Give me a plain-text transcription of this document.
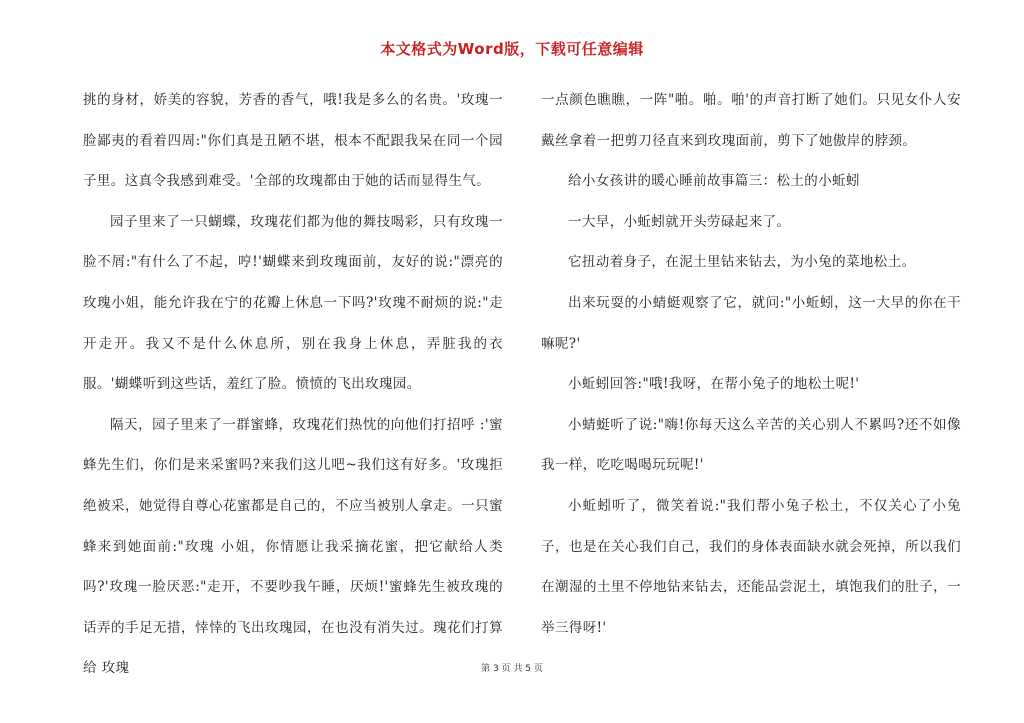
本文格式为Word版，下载可任意编辑

挑的身材，娇美的容貌，芳香的香气，哦!我是多么的名贵。'玫瑰一脸鄙夷的看着四周:"你们真是丑陋不堪，根本不配跟我呆在同一个园子里。这真令我感到难受。'全部的玫瑰都由于她的话而显得生气。

园子里来了一只蝴蝶，玫瑰花们都为他的舞技喝彩，只有玫瑰一脸不屑:"有什么了不起，哼!'蝴蝶来到玫瑰面前，友好的说:"漂亮的玫瑰小姐，能允许我在宁的花瓣上休息一下吗?'玫瑰不耐烦的说:"走开走开。我又不是什么休息所，别在我身上休息，弄脏我的衣服。'蝴蝶听到这些话，羞红了脸。愤愤的飞出玫瑰园。

隔天，园子里来了一群蜜蜂，玫瑰花们热忱的向他们打招呼 :'蜜蜂先生们，你们是来采蜜吗?来我们这儿吧~我们这有好多。'玫瑰拒绝被采，她觉得自尊心花蜜都是自己的，不应当被别人拿走。一只蜜蜂来到她面前:"玫瑰 小姐，你情愿让我采摘花蜜，把它献给人类吗?'玫瑰一脸厌恶:"走开，不要吵我午睡，厌烦!'蜜蜂先生被玫瑰的话弄的手足无措，悻悻的飞出玫瑰园，在也没有消失过。瑰花们打算给 玫瑰

一点颜色瞧瞧，一阵"啪。啪。啪'的声音打断了她们。只见女仆人安戴丝拿着一把剪刀径直来到玫瑰面前，剪下了她傲岸的脖颈。

给小女孩讲的暖心睡前故事篇三：松土的小蚯蚓

一大早，小蚯蚓就开头劳碌起来了。

它扭动着身子，在泥土里钻来钻去，为小兔的菜地松土。

出来玩耍的小蜻蜓观察了它，就问:"小蚯蚓，这一大早的你在干嘛呢?'

小蚯蚓回答:"哦!我呀，在帮小兔子的地松土呢!'

小蜻蜓听了说:"嗨!你每天这么辛苦的关心别人不累吗?还不如像我一样，吃吃喝喝玩玩呢!'

小蚯蚓听了，微笑着说:"我们帮小兔子松土，不仅关心了小兔子，也是在关心我们自己，我们的身体表面缺水就会死掉，所以我们在潮湿的土里不停地钻来钻去，还能品尝泥土，填饱我们的肚子，一举三得呀!'

第 3 页 共 5 页
